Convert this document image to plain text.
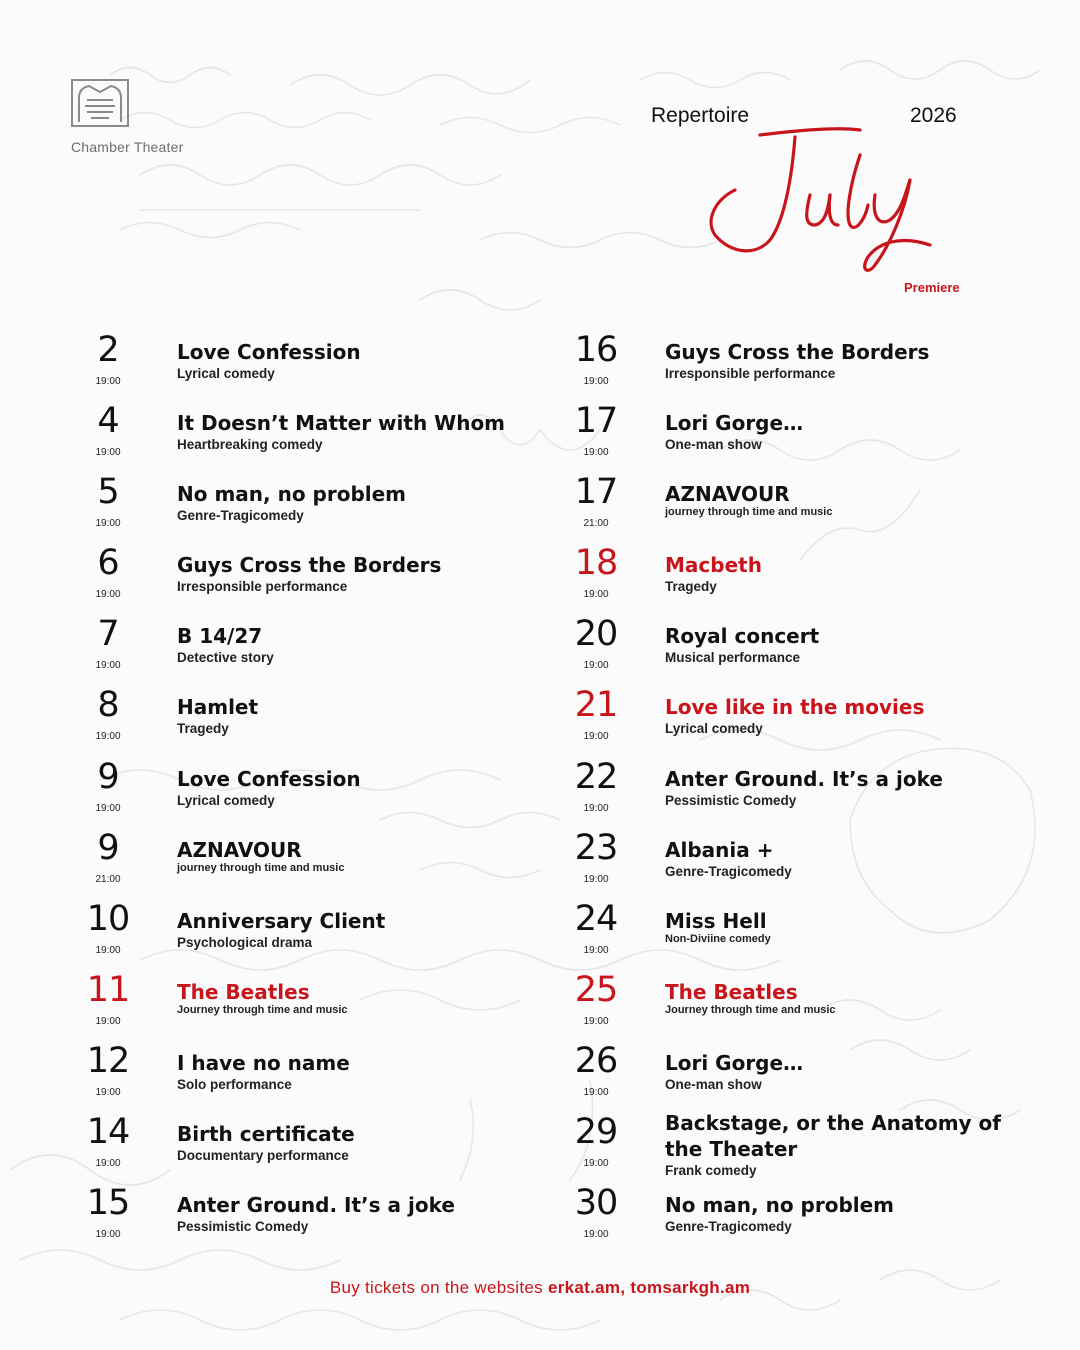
Chamber Theater
Repertoire	2026
Premiere
2
19:00
Love Confession
Lyrical comedy
4
19:00
It Doesn’t Matter with Whom
Heartbreaking comedy
5
19:00
No man, no problem
Genre-Tragicomedy
6
19:00
Guys Cross the Borders
Irresponsible performance
7
19:00
B 14/27
Detective story
8
19:00
Hamlet
Tragedy
9
19:00
Love Confession
Lyrical comedy
9
21:00
AZNAVOUR
journey through time and music
10
19:00
Anniversary Client
Psychological drama
11
19:00
The Beatles
Journey through time and music
12
19:00
I have no name
Solo performance
14
19:00
Birth certificate
Documentary performance
15
19:00
Anter Ground. It’s a joke
Pessimistic Comedy
16
19:00
Guys Cross the Borders
Irresponsible performance
17
19:00
Lori Gorge…
One-man show
17
21:00
AZNAVOUR
journey through time and music
18
19:00
Macbeth
Tragedy
20
19:00
Royal concert
Musical performance
21
19:00
Love like in the movies
Lyrical comedy
22
19:00
Anter Ground. It’s a joke
Pessimistic Comedy
23
19:00
Albania +
Genre-Tragicomedy
24
19:00
Miss Hell
Non-Diviine comedy
25
19:00
The Beatles
Journey through time and music
26
19:00
Lori Gorge…
One-man show
29
19:00
Backstage, or the Anatomy of the Theater
Frank comedy
30
19:00
No man, no problem
Genre-Tragicomedy
Buy tickets on the websites erkat.am, tomsarkgh.am
